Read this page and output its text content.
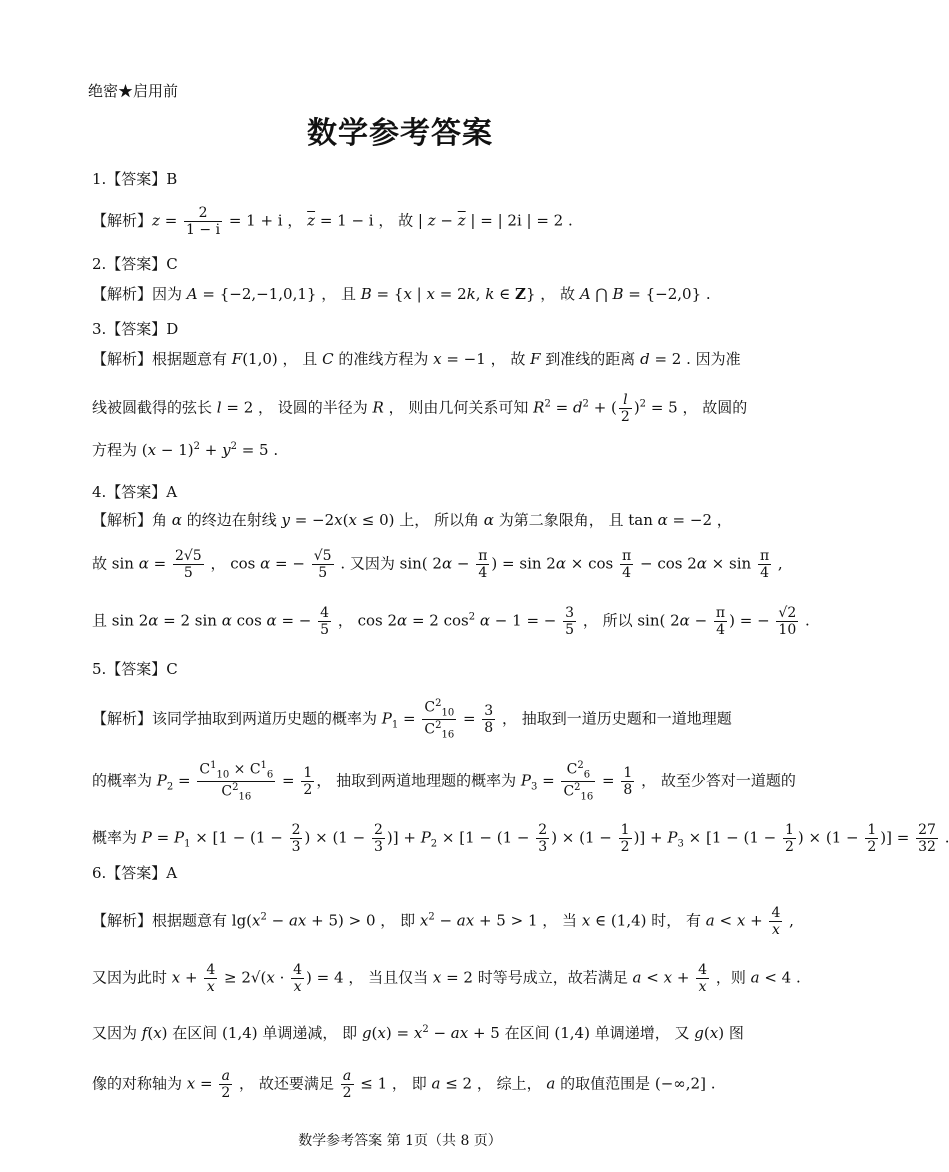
绝密★启用前
数学参考答案
1.【答案】B
【解析】$z = \frac{2}{1 - i} = 1 + i$ ， $\overline{z} = 1 - i$ ， 故 | $z - \overline{z}$ | = | 2i | = 2 .
2.【答案】C
【解析】因为 A = {−2,−1,0,1} ， 且 B = {x | x = 2k, k ∈ Z} ， 故 A ⋂ B = {−2,0} .
3.【答案】D
【解析】根据题意有 F(1,0) ， 且 C 的准线方程为 x = −1 ， 故 F 到准线的距离 d = 2 . 因为准
线被圆截得的弦长 l = 2 ， 设圆的半径为 R ， 则由几何关系可知 $R^2 = d^2$ + ( $\frac{l}{2} )^2 = 5$ ， 故圆的
方程为 $(x - 1)^2 + y^2 = 5$ .
4.【答案】A
【解析】角 α 的终边在射线 y = −2x(x ≤ 0) 上， 所以角 α 为第二象限角， 且 tan α = −2 ，
故 $\sin \alpha = \frac{2√5}{5}$ ， cos α = − $\frac{√5}{5}$ . 又因为 sin( $2\alpha - \frac{\pi}{4}$ ) = $\sin 2\alpha \times \cos \frac{\pi}{4} - \cos 2\alpha \times \sin \frac{\pi}{4}$ ,
且 sin 2α = 2 sin α cos α = − $\frac{4}{5}$ ， cos 2α = 2 $\cos^2 \alpha - 1$ = − $\frac{3}{5}$ ， 所以 sin( $2\alpha - \frac{\pi}{4}$ ) = − $\frac{√2}{10}$ .
5.【答案】C
【解析】该同学抽取到两道历史题的概率为 $P_1 = \frac{C^2_{10}}{C^2_{16}} = \frac{3}{8}$ ， 抽取到一道历史题和一道地理题
的概率为 $P_2 = \frac{C^1_{10} \times C^1_6}{C^2_{16}} = \frac{1}{2}$ ， 抽取到两道地理题的概率为 $P_3 = \frac{C^2_6}{C^2_{16}} = \frac{1}{8}$ ， 故至少答对一道题的
概率为 $P = P_1 \times [1 - (1 - \frac{2}{3}$ ) × ($1 - \frac{2}{3}$ )] + $P_2 \times [1 - (1 - \frac{2}{3}$ ) × ($1 - \frac{1}{2}$ )] + $P_3 \times [1 - (1 - \frac{1}{2}$ ) × ($1 - \frac{1}{2}$ )] = $\frac{27}{32}$ .
6.【答案】A
【解析】根据题意有 $\lg(x^2$ − ax + 5) > 0 ， 即 $x^2$ − ax + 5 > 1 ， 当 x ∈ (1,4) 时， 有 $a < x + \frac{4}{x}$ ,
又因为此时 $x + \frac{4}{x} \ge 2√(x \cdot \frac{4}{x}$ ) = 4 ， 当且仅当 x = 2 时等号成立，故若满足 $a < x + \frac{4}{x}$ ，则 a < 4 .
又因为 f(x) 在区间 (1,4) 单调递减， 即 $g(x) = x^2$ − ax + 5 在区间 (1,4) 单调递增， 又 g(x) 图
像的对称轴为 $x = \frac{a}{2}$ ， 故还要满足 $\frac{a}{2} \le 1$ ， 即 a ≤ 2 ， 综上， a 的取值范围是 (−∞,2] .
数学参考答案 第 1页（共 8 页）
